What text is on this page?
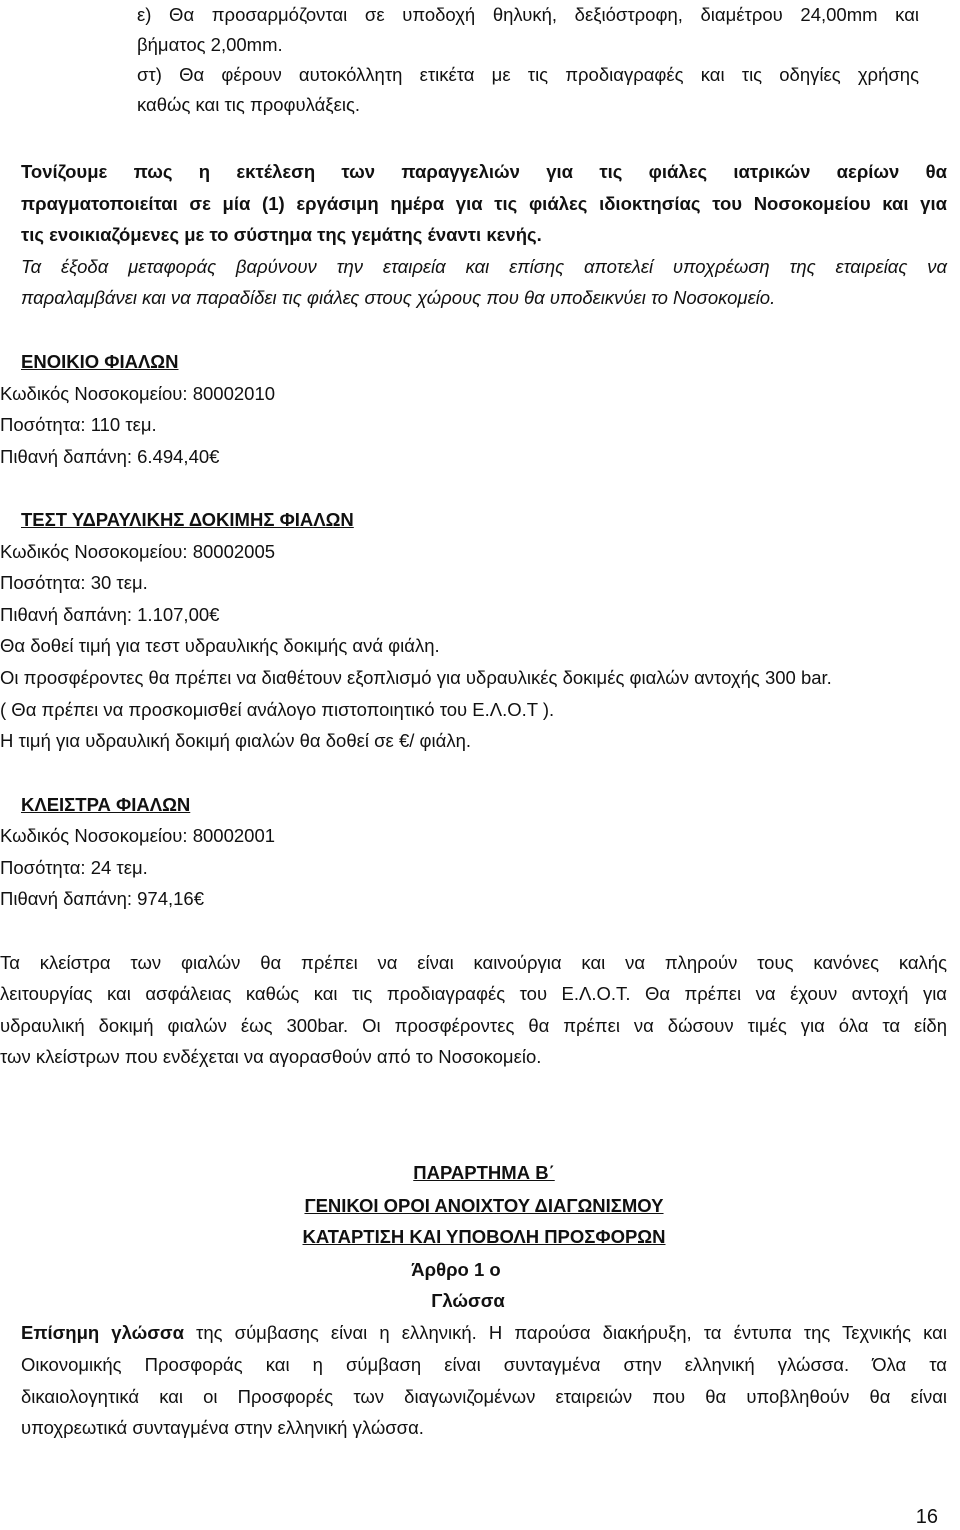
ε) Θα προσαρμόζονται σε υποδοχή θηλυκή, δεξιόστροφη, διαμέτρου 24,00mm και
βήματος 2,00mm.
στ) Θα φέρουν αυτοκόλλητη ετικέτα με τις προδιαγραφές και τις οδηγίες χρήσης
καθώς και τις προφυλάξεις.
Τονίζουμε πως η εκτέλεση των παραγγελιών για τις φιάλες ιατρικών αερίων θα
πραγματοποιείται σε μία (1) εργάσιμη ημέρα για τις φιάλες ιδιοκτησίας του Νοσοκομείου και για
τις ενοικιαζόμενες με το σύστημα της γεμάτης έναντι κενής.
Τα έξοδα μεταφοράς βαρύνουν την εταιρεία και επίσης αποτελεί υποχρέωση της εταιρείας να
παραλαμβάνει και να παραδίδει τις φιάλες στους χώρους που θα υποδεικνύει το Νοσοκομείο.
ΕΝΟΙΚΙΟ ΦΙΑΛΩΝ
Κωδικός Νοσοκομείου: 80002010
Ποσότητα: 110 τεμ.
Πιθανή δαπάνη: 6.494,40€
ΤΕΣΤ ΥΔΡΑΥΛΙΚΗΣ ΔΟΚΙΜΗΣ ΦΙΑΛΩΝ
Κωδικός Νοσοκομείου: 80002005
Ποσότητα: 30 τεμ.
Πιθανή δαπάνη: 1.107,00€
Θα δοθεί τιμή για τεστ υδραυλικής δοκιμής ανά φιάλη.
Οι προσφέροντες θα πρέπει να διαθέτουν εξοπλισμό για υδραυλικές δοκιμές φιαλών αντοχής 300 bar.
( Θα πρέπει να προσκομισθεί ανάλογο πιστοποιητικό του Ε.Λ.Ο.Τ ).
Η τιμή για υδραυλική δοκιμή φιαλών θα δοθεί σε €/ φιάλη.
ΚΛΕΙΣΤΡΑ ΦΙΑΛΩΝ
Κωδικός Νοσοκομείου: 80002001
Ποσότητα: 24 τεμ.
Πιθανή δαπάνη: 974,16€
Τα κλείστρα των φιαλών θα πρέπει να είναι καινούργια και να πληρούν τους κανόνες καλής
λειτουργίας και ασφάλειας καθώς και τις προδιαγραφές του Ε.Λ.Ο.Τ. Θα πρέπει να έχουν αντοχή για
υδραυλική δοκιμή φιαλών έως 300bar. Οι προσφέροντες θα πρέπει να δώσουν τιμές για όλα τα είδη
των κλείστρων που ενδέχεται να αγορασθούν από το Νοσοκομείο.
ΠΑΡΑΡΤΗΜΑ Β΄
ΓΕΝΙΚΟΙ ΟΡΟΙ ΑΝΟΙΧΤΟΥ ΔΙΑΓΩΝΙΣΜΟΥ
ΚΑΤΑΡΤΙΣΗ ΚΑΙ ΥΠΟΒΟΛΗ ΠΡΟΣΦΟΡΩΝ
Άρθρο 1 ο
Γλώσσα
Επίσημη γλώσσα της σύμβασης είναι η ελληνική. Η παρούσα διακήρυξη, τα έντυπα της Τεχνικής και
Οικονομικής Προσφοράς και η σύμβαση είναι συνταγμένα στην ελληνική γλώσσα. Όλα τα
δικαιολογητικά και οι Προσφορές των διαγωνιζομένων εταιρειών που θα υποβληθούν θα είναι
υποχρεωτικά συνταγμένα στην ελληνική γλώσσα.
16
